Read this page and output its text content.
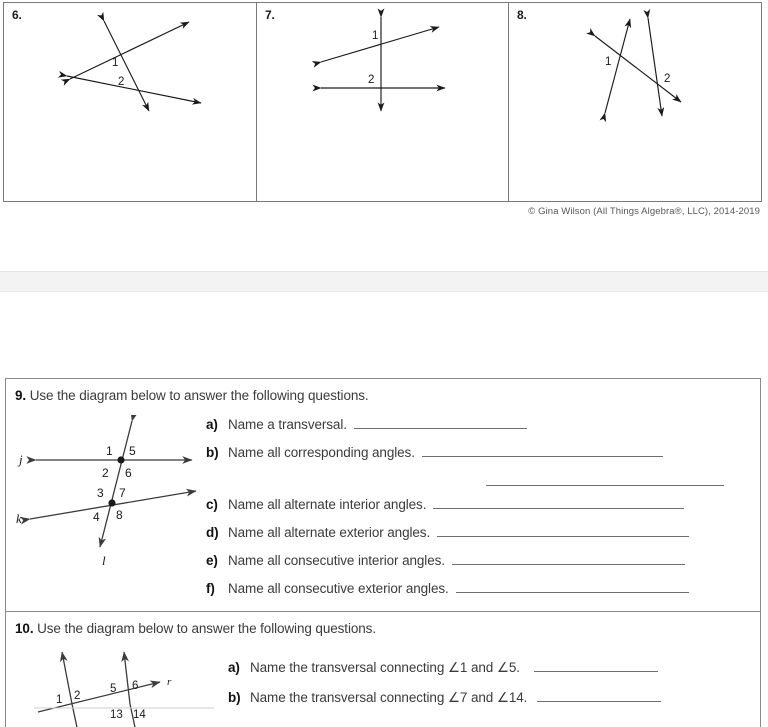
6.
1
2
7.
1
2
8.
1
2
© Gina Wilson (All Things Algebra®, LLC), 2014-2019
9. Use the diagram below to answer the following questions.
j
k
l
1 5
2 6
3 7
4 8
a) Name a transversal.
b) Name all corresponding angles.
c) Name all alternate interior angles.
d) Name all alternate exterior angles.
e) Name all consecutive interior angles.
f) Name all consecutive exterior angles.
10. Use the diagram below to answer the following questions.
r
1 2
5 6
13 14
a) Name the transversal connecting ∠1 and ∠5.
b) Name the transversal connecting ∠7 and ∠14.
